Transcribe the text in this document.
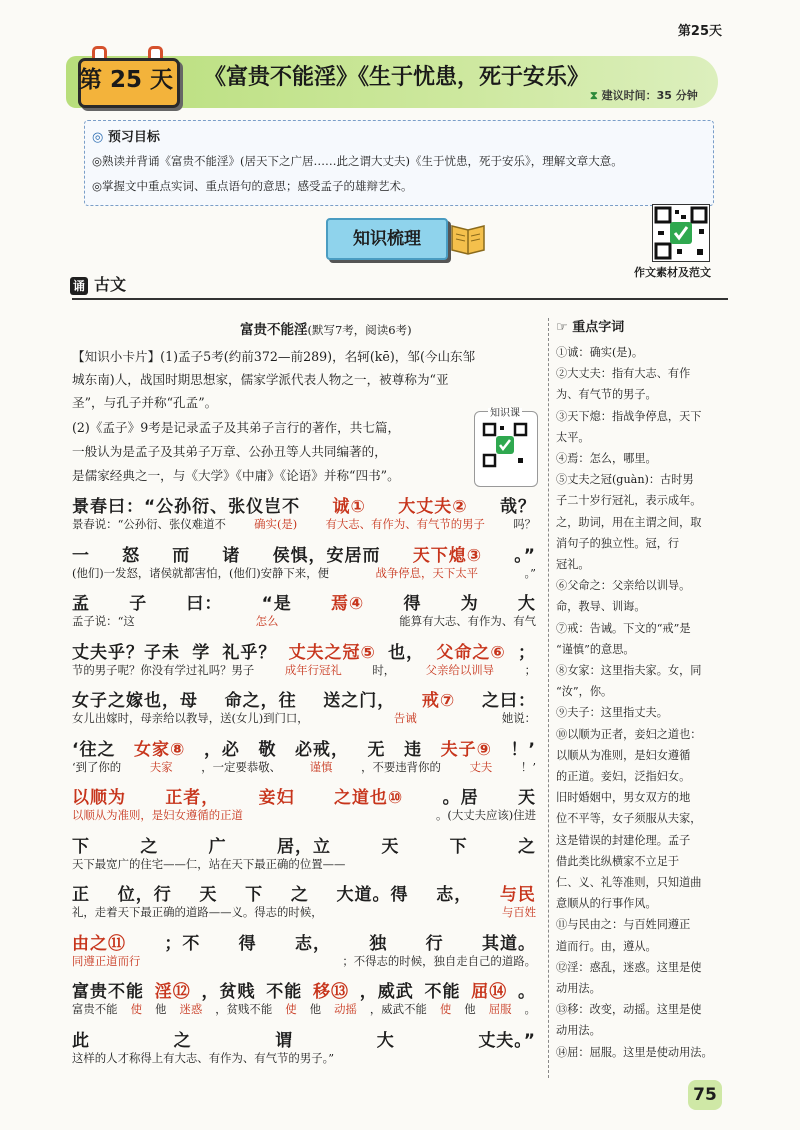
第25天
第 25 天 《富贵不能淫》《生于忧患，死于安乐》
⧗ 建议时间：35 分钟
◎ 预习目标
◎熟读并背诵《富贵不能淫》(居天下之广居……此之谓大丈夫)《生于忧患，死于安乐》，理解文章大意。
◎掌握文中重点实词、重点语句的意思；感受孟子的雄辩艺术。
知识梳理
作文素材及范文
诵 古文
富贵不能淫(默写7考，阅读6考)
【知识小卡片】(1)孟子5考(约前372—前289)，名轲(kē)，邹(今山东邹
城东南)人，战国时期思想家，儒家学派代表人物之一，被尊称为“亚
圣”，与孔子并称“孔孟”。
(2)《孟子》9考是记录孟子及其弟子言行的著作，共七篇，
一般认为是孟子及其弟子万章、公孙丑等人共同编著的，
是儒家经典之一，与《大学》《中庸》《论语》并称“四书”。
知识课
景春曰：“公孙衍、张仪岂不 诚① 大丈夫② 哉？
景春说：“公孙衍、张仪难道不 确实(是) 有大志、有作为、有气节的男子 吗？
一 怒 而 诸 侯惧，安居而 天下熄③ 。”
(他们)一发怒，诸侯就都害怕，(他们)安静下来，便	战争停息，天下太平	。”
孟 子 曰： “是 焉④ 得 为 大
孟子说：“这	怎么	能算有大志、有作为、有气
丈夫乎？子未 学 礼乎？ 丈夫之冠⑤ 也， 父命之⑥ ；
节的男子呢？你没有学过礼吗？男子	成年行冠礼	时，	父亲给以训导	；
女子之嫁也，母 命之，往 送之门， 戒⑦ 之曰：
女儿出嫁时，母亲给以教导，送(女儿)到门口，	告诫	她说：
‘往之 女家⑧ ，必 敬 必戒， 无 违 夫子⑨ ！’
‘到了你的	夫家	，一定要恭敬、	谨慎	，不要违背你的	丈夫	！’
以顺为 正者， 妾妇 之道也⑩ 。居 天
以顺从为准则，是妇女遵循的正道	。(大丈夫应该)住进
下	之	广	居，立	天	下	之
天下最宽广的住宅——仁，站在天下最正确的位置——
正 位，行 天 下 之 大道。得 志， 与民
礼，走着天下最正确的道路——义。得志的时候，	与百姓
由之⑪ ；不 得 志， 独 行 其道。
同遵正道而行	；不得志的时候，独自走自己的道路。
富贵不能 淫⑫ ，贫贱 不能 移⑬ ，威武 不能 屈⑭ 。
富贵不能 使 他 迷惑 ，贫贱不能 使 他 动摇 ，威武不能 使 他 屈服 。
此	之	谓	大	丈夫。”
这样的人才称得上有大志、有作为、有气节的男子。”
☞ 重点字词
①诚：确实(是)。
②大丈夫：指有大志、有作
为、有气节的男子。
③天下熄：指战争停息，天下
太平。
④焉：怎么，哪里。
⑤丈夫之冠(guàn)：古时男
子二十岁行冠礼，表示成年。
之，助词，用在主谓之间，取
消句子的独立性。冠，行
冠礼。
⑥父命之：父亲给以训导。
命，教导、训诲。
⑦戒：告诫。下文的“戒”是
“谨慎”的意思。
⑧女家：这里指夫家。女，同
“汝”，你。
⑨夫子：这里指丈夫。
⑩以顺为正者，妾妇之道也：
以顺从为准则，是妇女遵循
的正道。妾妇，泛指妇女。
旧时婚姻中，男女双方的地
位不平等，女子须服从夫家，
这是错误的封建伦理。孟子
借此类比纵横家不立足于
仁、义、礼等准则，只知道曲
意顺从的行事作风。
⑪与民由之：与百姓同遵正
道而行。由，遵从。
⑫淫：惑乱，迷惑。这里是使
动用法。
⑬移：改变，动摇。这里是使
动用法。
⑭屈：屈服。这里是使动用法。
75
